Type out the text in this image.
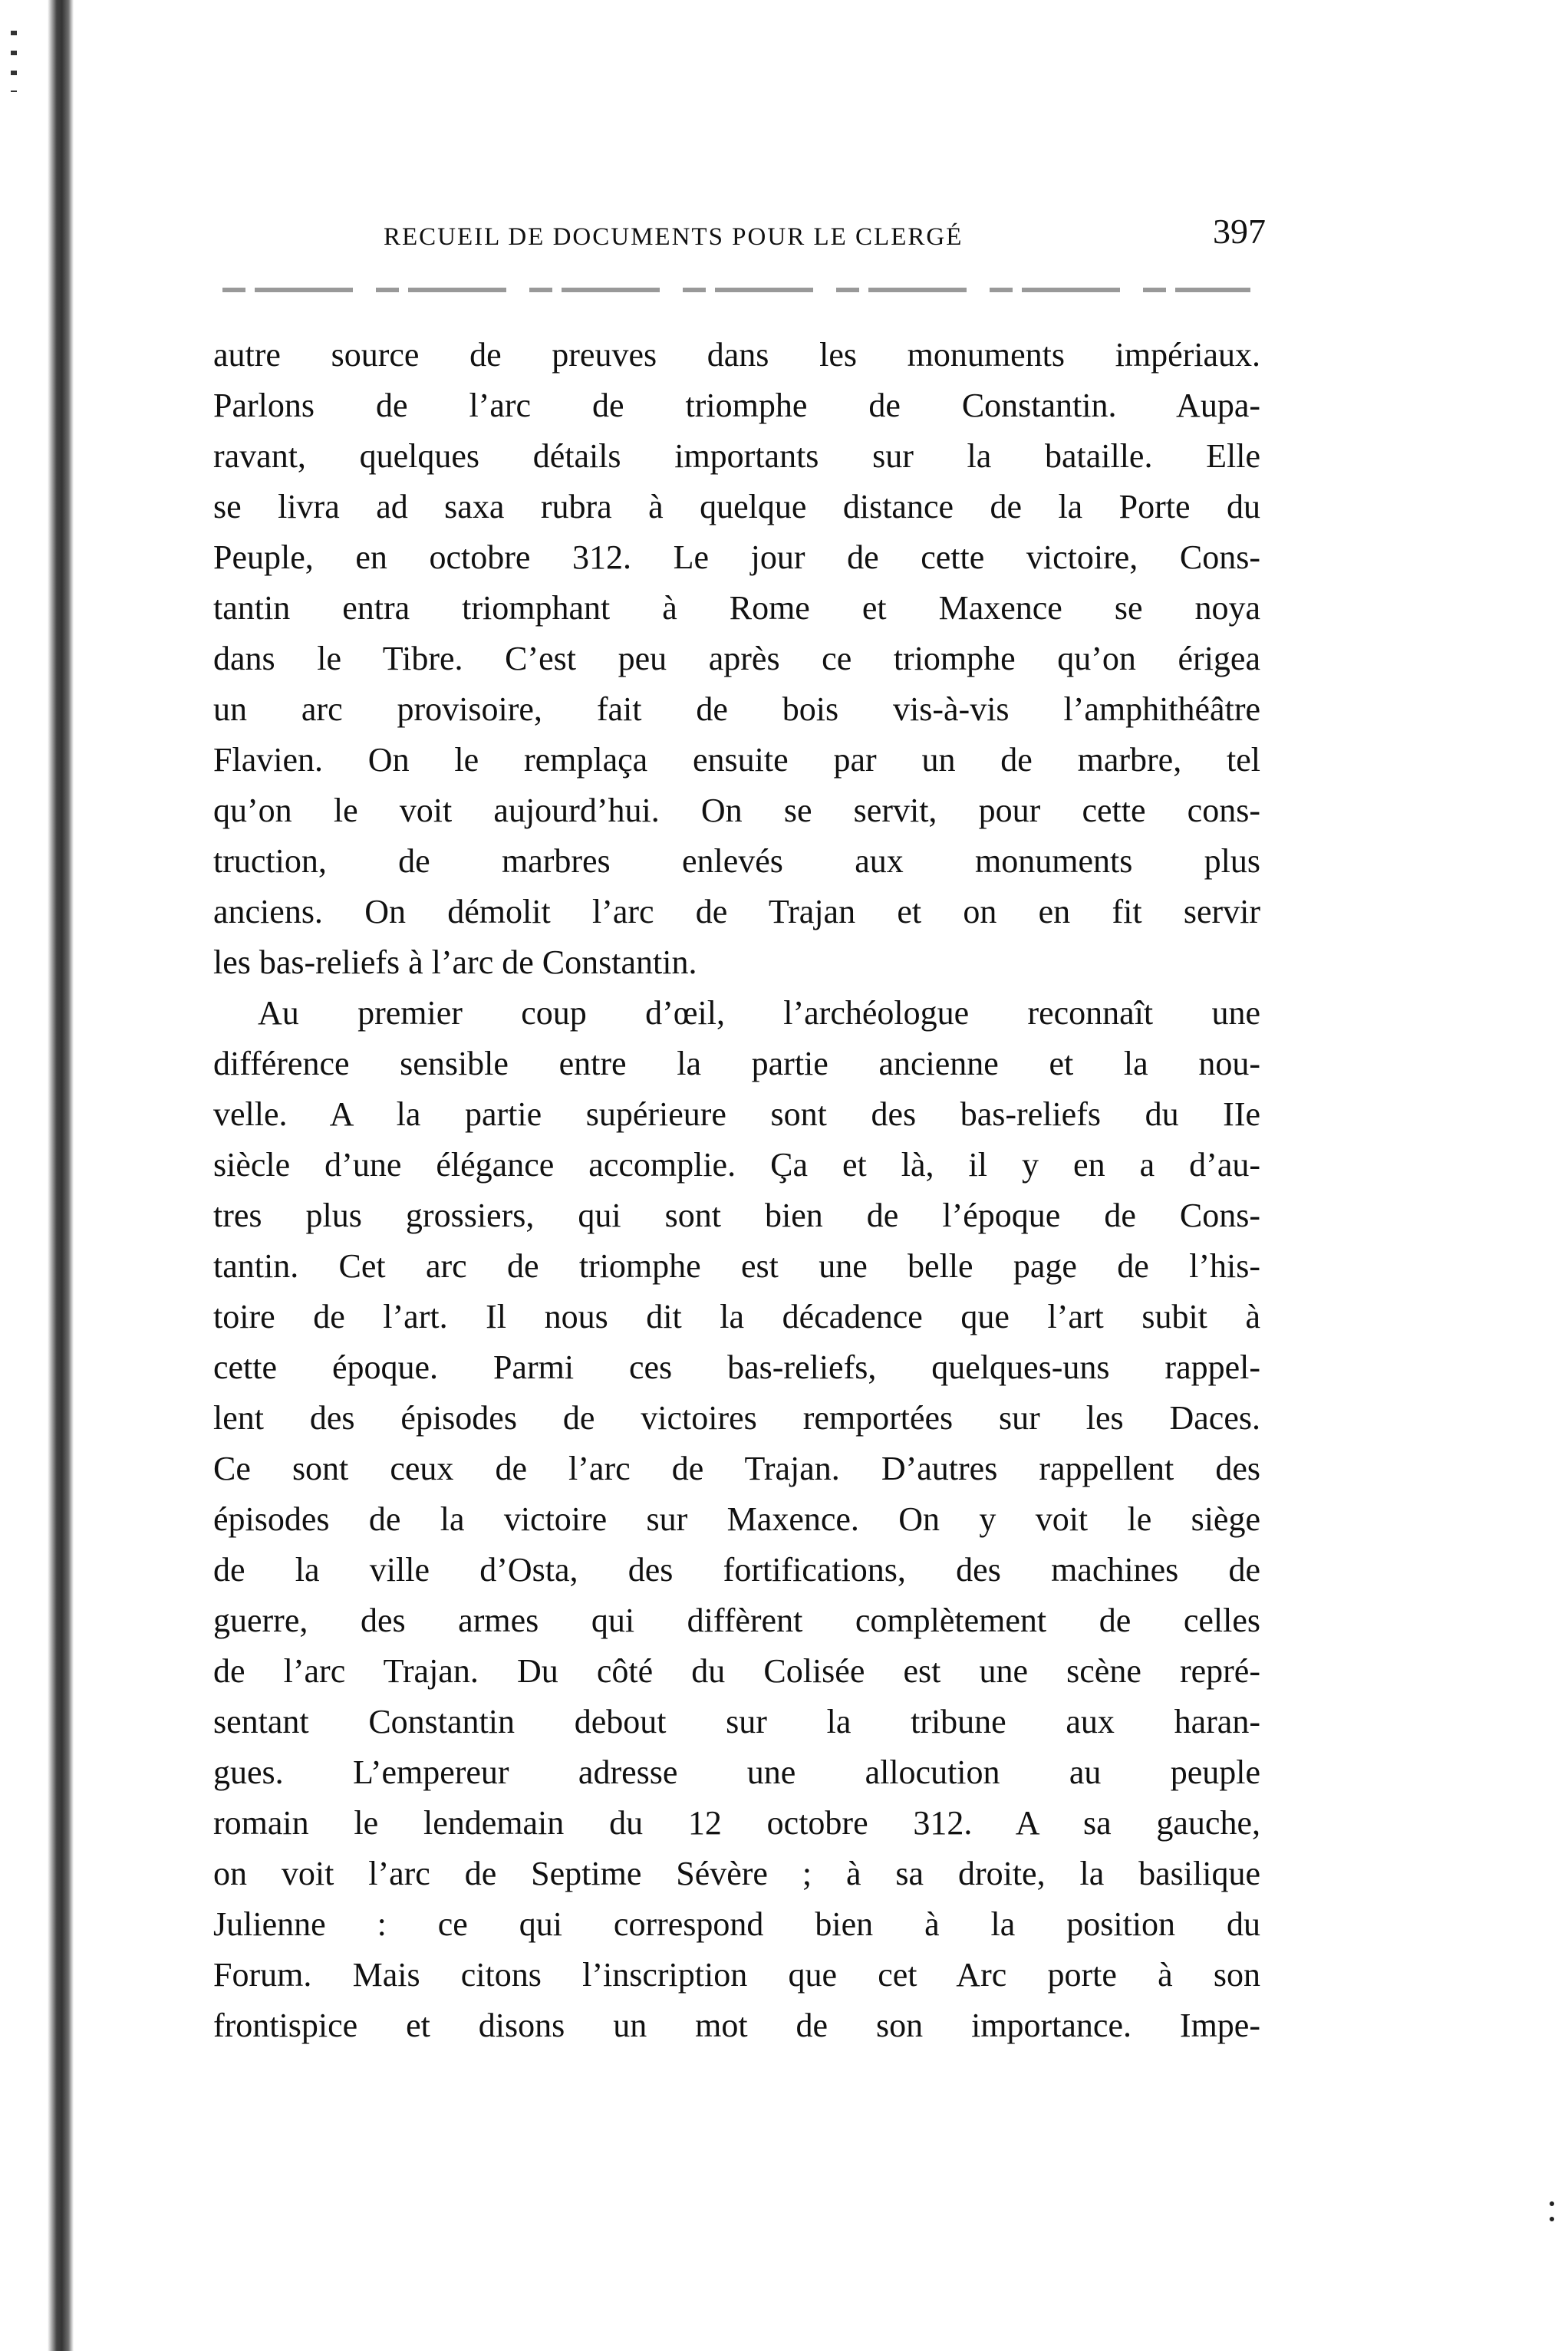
RECUEIL DE DOCUMENTS POUR LE CLERGÉ	397
autre source de preuves dans les monuments impériaux.
Parlons de l’arc de triomphe de Constantin. Aupa-
ravant, quelques détails importants sur la bataille. Elle
se livra ad saxa rubra à quelque distance de la Porte du
Peuple, en octobre 312. Le jour de cette victoire, Cons-
tantin entra triomphant à Rome et Maxence se noya
dans le Tibre. C’est peu après ce triomphe qu’on érigea
un arc provisoire, fait de bois vis-à-vis l’amphithéâtre
Flavien. On le remplaça ensuite par un de marbre, tel
qu’on le voit aujourd’hui. On se servit, pour cette cons-
truction, de marbres enlevés aux monuments plus
anciens. On démolit l’arc de Trajan et on en fit servir
les bas-reliefs à l’arc de Constantin.
Au premier coup d’œil, l’archéologue reconnaît une
différence sensible entre la partie ancienne et la nou-
velle. A la partie supérieure sont des bas-reliefs du IIe
siècle d’une élégance accomplie. Ça et là, il y en a d’au-
tres plus grossiers, qui sont bien de l’époque de Cons-
tantin. Cet arc de triomphe est une belle page de l’his-
toire de l’art. Il nous dit la décadence que l’art subit à
cette époque. Parmi ces bas-reliefs, quelques-uns rappel-
lent des épisodes de victoires remportées sur les Daces.
Ce sont ceux de l’arc de Trajan. D’autres rappellent des
épisodes de la victoire sur Maxence. On y voit le siège
de la ville d’Osta, des fortifications, des machines de
guerre, des armes qui diffèrent complètement de celles
de l’arc Trajan. Du côté du Colisée est une scène repré-
sentant Constantin debout sur la tribune aux haran-
gues. L’empereur adresse une allocution au peuple
romain le lendemain du 12 octobre 312. A sa gauche,
on voit l’arc de Septime Sévère ; à sa droite, la basilique
Julienne : ce qui correspond bien à la position du
Forum. Mais citons l’inscription que cet Arc porte à son
frontispice et disons un mot de son importance. Impe-
